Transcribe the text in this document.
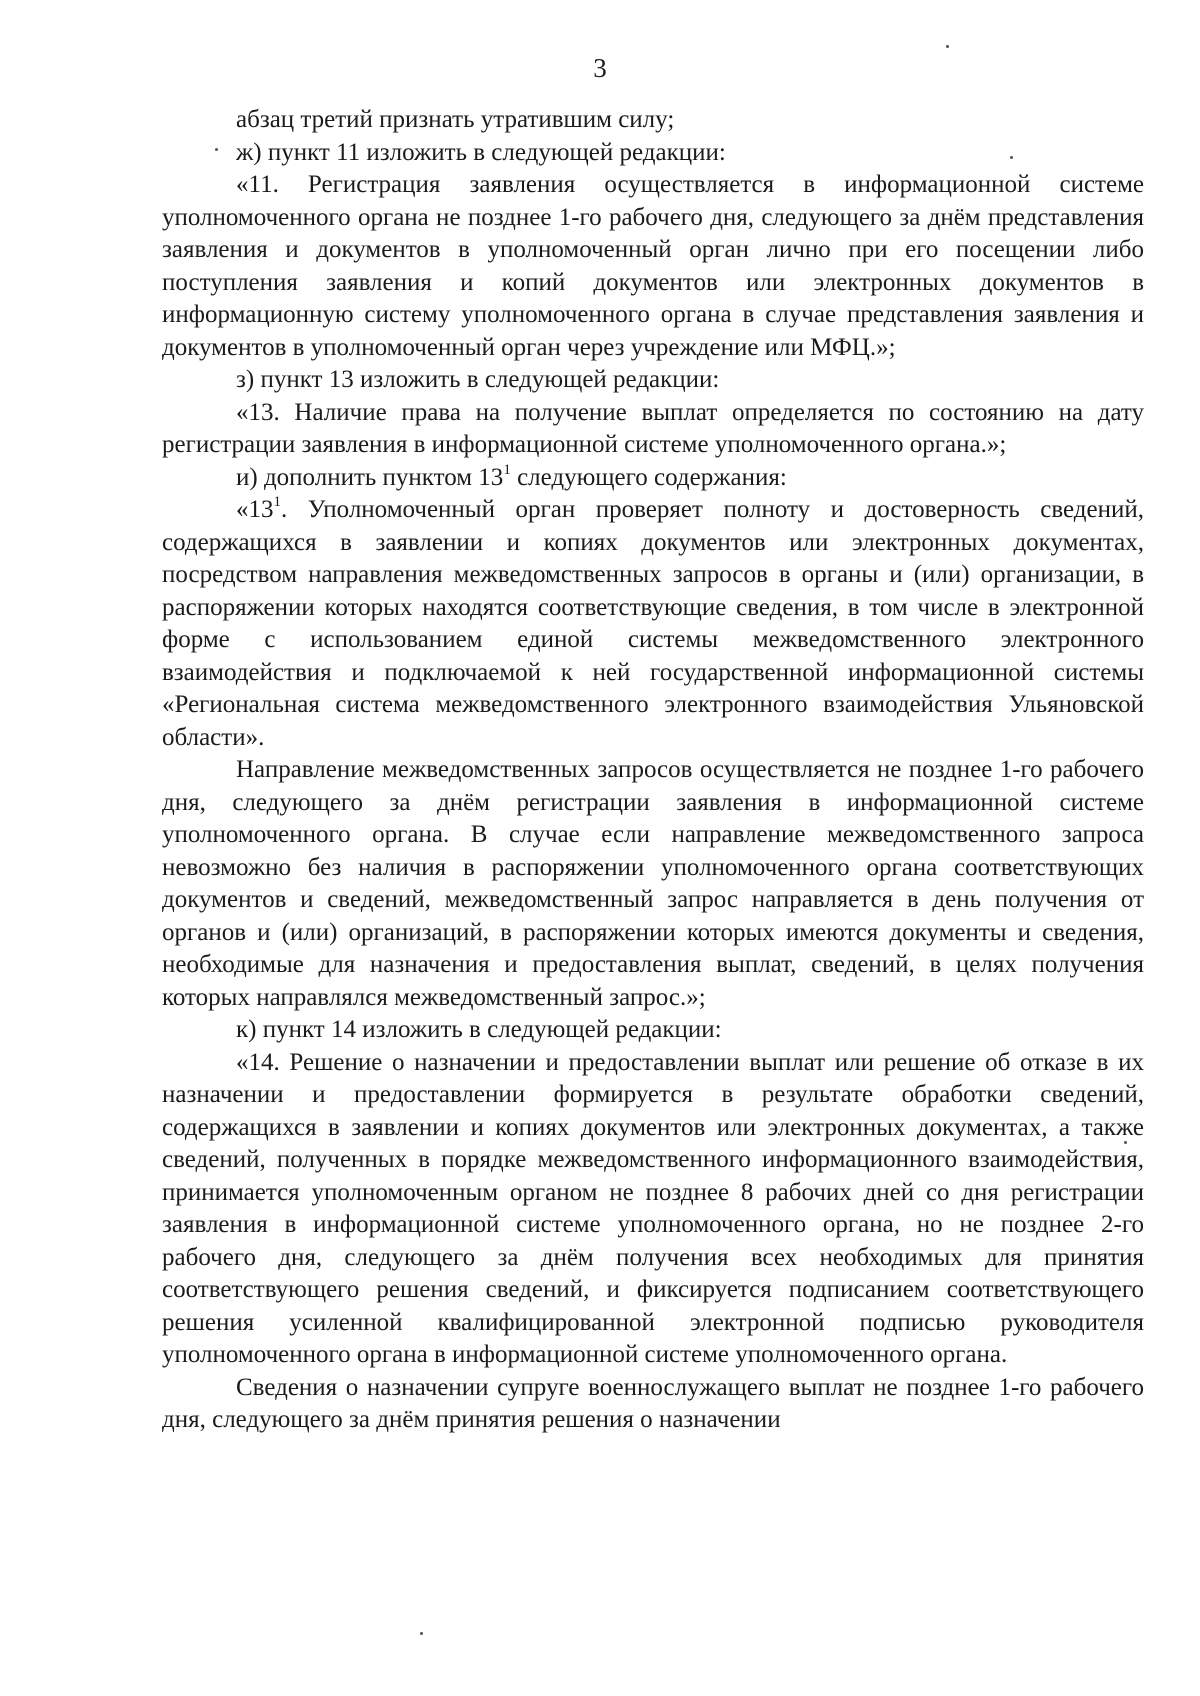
3

абзац третий признать утратившим силу;

ж) пункт 11 изложить в следующей редакции:

«11. Регистрация заявления осуществляется в информационной системе уполномоченного органа не позднее 1-го рабочего дня, следующего за днём представления заявления и документов в уполномоченный орган лично при его посещении либо поступления заявления и копий документов или электронных документов в информационную систему уполномоченного органа в случае представления заявления и документов в уполномоченный орган через учреждение или МФЦ.»;

з) пункт 13 изложить в следующей редакции:

«13. Наличие права на получение выплат определяется по состоянию на дату регистрации заявления в информационной системе уполномоченного органа.»;

и) дополнить пунктом $13^1$ следующего содержания:

«$13^1$. Уполномоченный орган проверяет полноту и достоверность сведений, содержащихся в заявлении и копиях документов или электронных документах, посредством направления межведомственных запросов в органы и (или) организации, в распоряжении которых находятся соответствующие сведения, в том числе в электронной форме с использованием единой системы межведомственного электронного взаимодействия и подключаемой к ней государственной информационной системы «Региональная система межведомственного электронного взаимодействия Ульяновской области».

Направление межведомственных запросов осуществляется не позднее 1-го рабочего дня, следующего за днём регистрации заявления в информационной системе уполномоченного органа. В случае если направление межведомственного запроса невозможно без наличия в распоряжении уполномоченного органа соответствующих документов и сведений, межведомственный запрос направляется в день получения от органов и (или) организаций, в распоряжении которых имеются документы и сведения, необходимые для назначения и предоставления выплат, сведений, в целях получения которых направлялся межведомственный запрос.»;

к) пункт 14 изложить в следующей редакции:

«14. Решение о назначении и предоставлении выплат или решение об отказе в их назначении и предоставлении формируется в результате обработки сведений, содержащихся в заявлении и копиях документов или электронных документах, а также сведений, полученных в порядке межведомственного информационного взаимодействия, принимается уполномоченным органом не позднее 8 рабочих дней со дня регистрации заявления в информационной системе уполномоченного органа, но не позднее 2-го рабочего дня, следующего за днём получения всех необходимых для принятия соответствующего решения сведений, и фиксируется подписанием соответствующего решения усиленной квалифицированной электронной подписью руководителя уполномоченного органа в информационной системе уполномоченного органа.

Сведения о назначении супруге военнослужащего выплат не позднее 1-го рабочего дня, следующего за днём принятия решения о назначении
